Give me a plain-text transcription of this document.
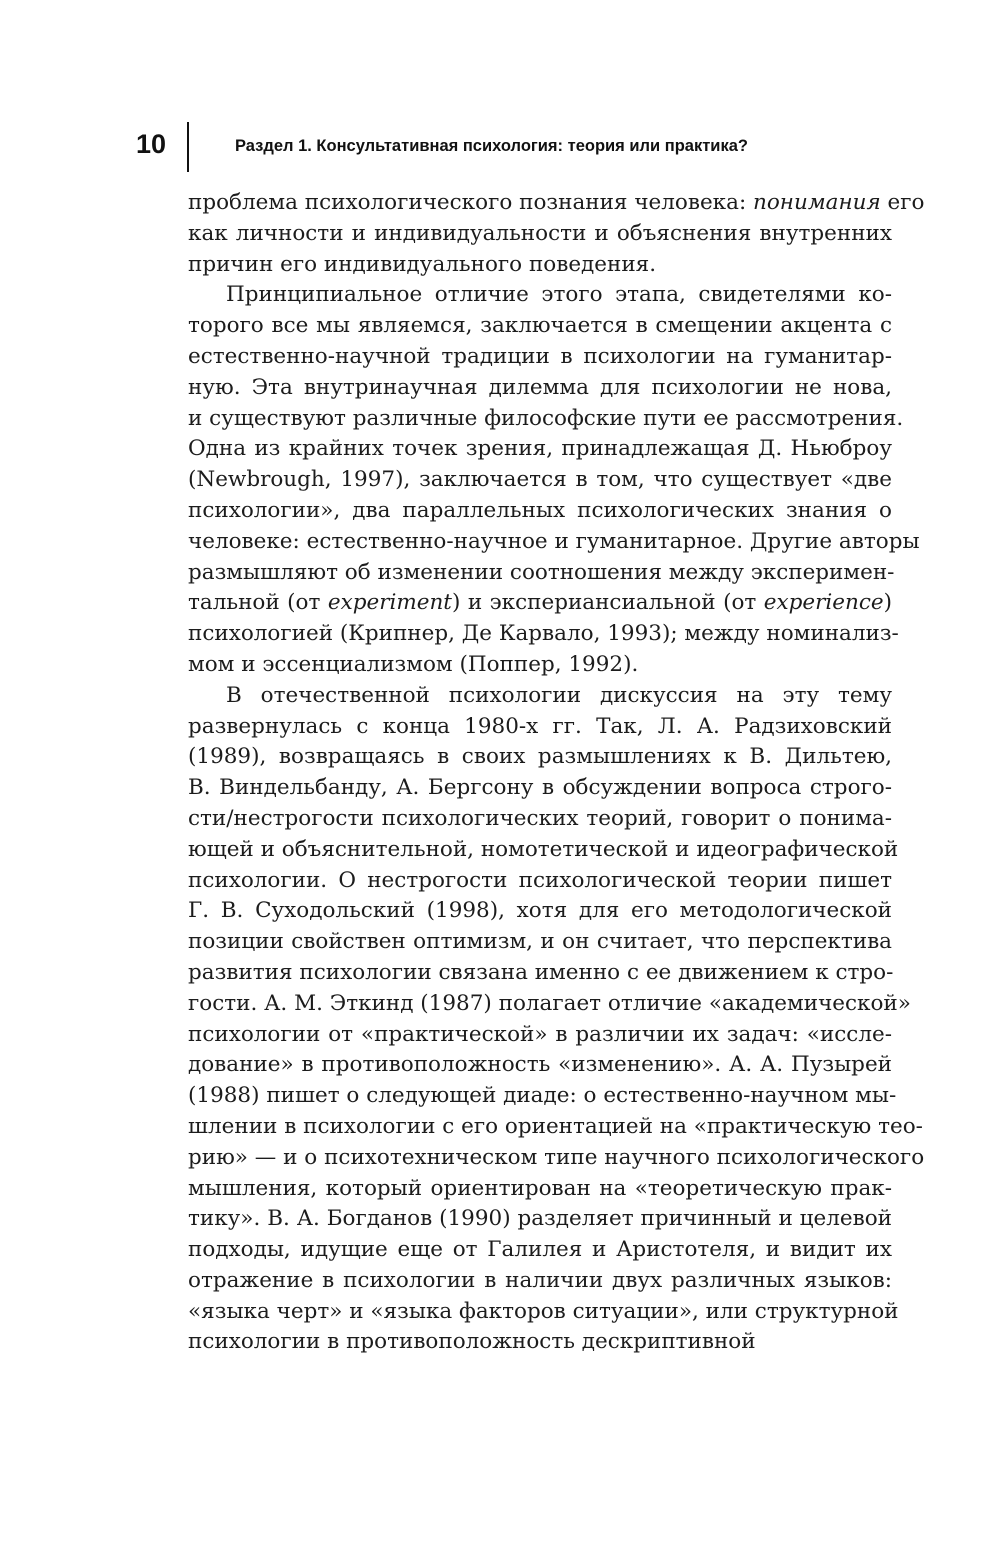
10	Раздел 1. Консультативная психология: теория или практика?

проблема психологического познания человека: понимания его
как личности и индивидуальности и объяснения внутренних
причин его индивидуального поведения.

Принципиальное отличие этого этапа, свидетелями ко-
торого все мы являемся, заключается в смещении акцента с
естественно-научной традиции в психологии на гуманитар-
ную. Эта внутринаучная дилемма для психологии не нова,
и существуют различные философские пути ее рассмотрения.
Одна из крайних точек зрения, принадлежащая Д. Ньюброу
(Newbrough, 1997), заключается в том, что существует «две
психологии», два параллельных психологических знания о
человеке: естественно-научное и гуманитарное. Другие авторы
размышляют об изменении соотношения между эксперимен-
тальной (от experiment) и экспериансиальной (от experience)
психологией (Крипнер, Де Карвало, 1993); между номинализ-
мом и эссенциализмом (Поппер, 1992).

В отечественной психологии дискуссия на эту тему
развернулась с конца 1980-х гг. Так, Л. А. Радзиховский
(1989), возвращаясь в своих размышлениях к В. Дильтею,
В. Виндельбанду, А. Бергсону в обсуждении вопроса строго-
сти/нестрогости психологических теорий, говорит о понима-
ющей и объяснительной, номотетической и идеографической
психологии. О нестрогости психологической теории пишет
Г. В. Суходольский (1998), хотя для его методологической
позиции свойствен оптимизм, и он считает, что перспектива
развития психологии связана именно с ее движением к стро-
гости. А. М. Эткинд (1987) полагает отличие «академической»
психологии от «практической» в различии их задач: «иссле-
дование» в противоположность «изменению». А. А. Пузырей
(1988) пишет о следующей диаде: о естественно-научном мы-
шлении в психологии с его ориентацией на «практическую тео-
рию» — и о психотехническом типе научного психологического
мышления, который ориентирован на «теоретическую прак-
тику». В. А. Богданов (1990) разделяет причинный и целевой
подходы, идущие еще от Галилея и Аристотеля, и видит их
отражение в психологии в наличии двух различных языков:
«языка черт» и «языка факторов ситуации», или структурной
психологии в противоположность дескриптивной
